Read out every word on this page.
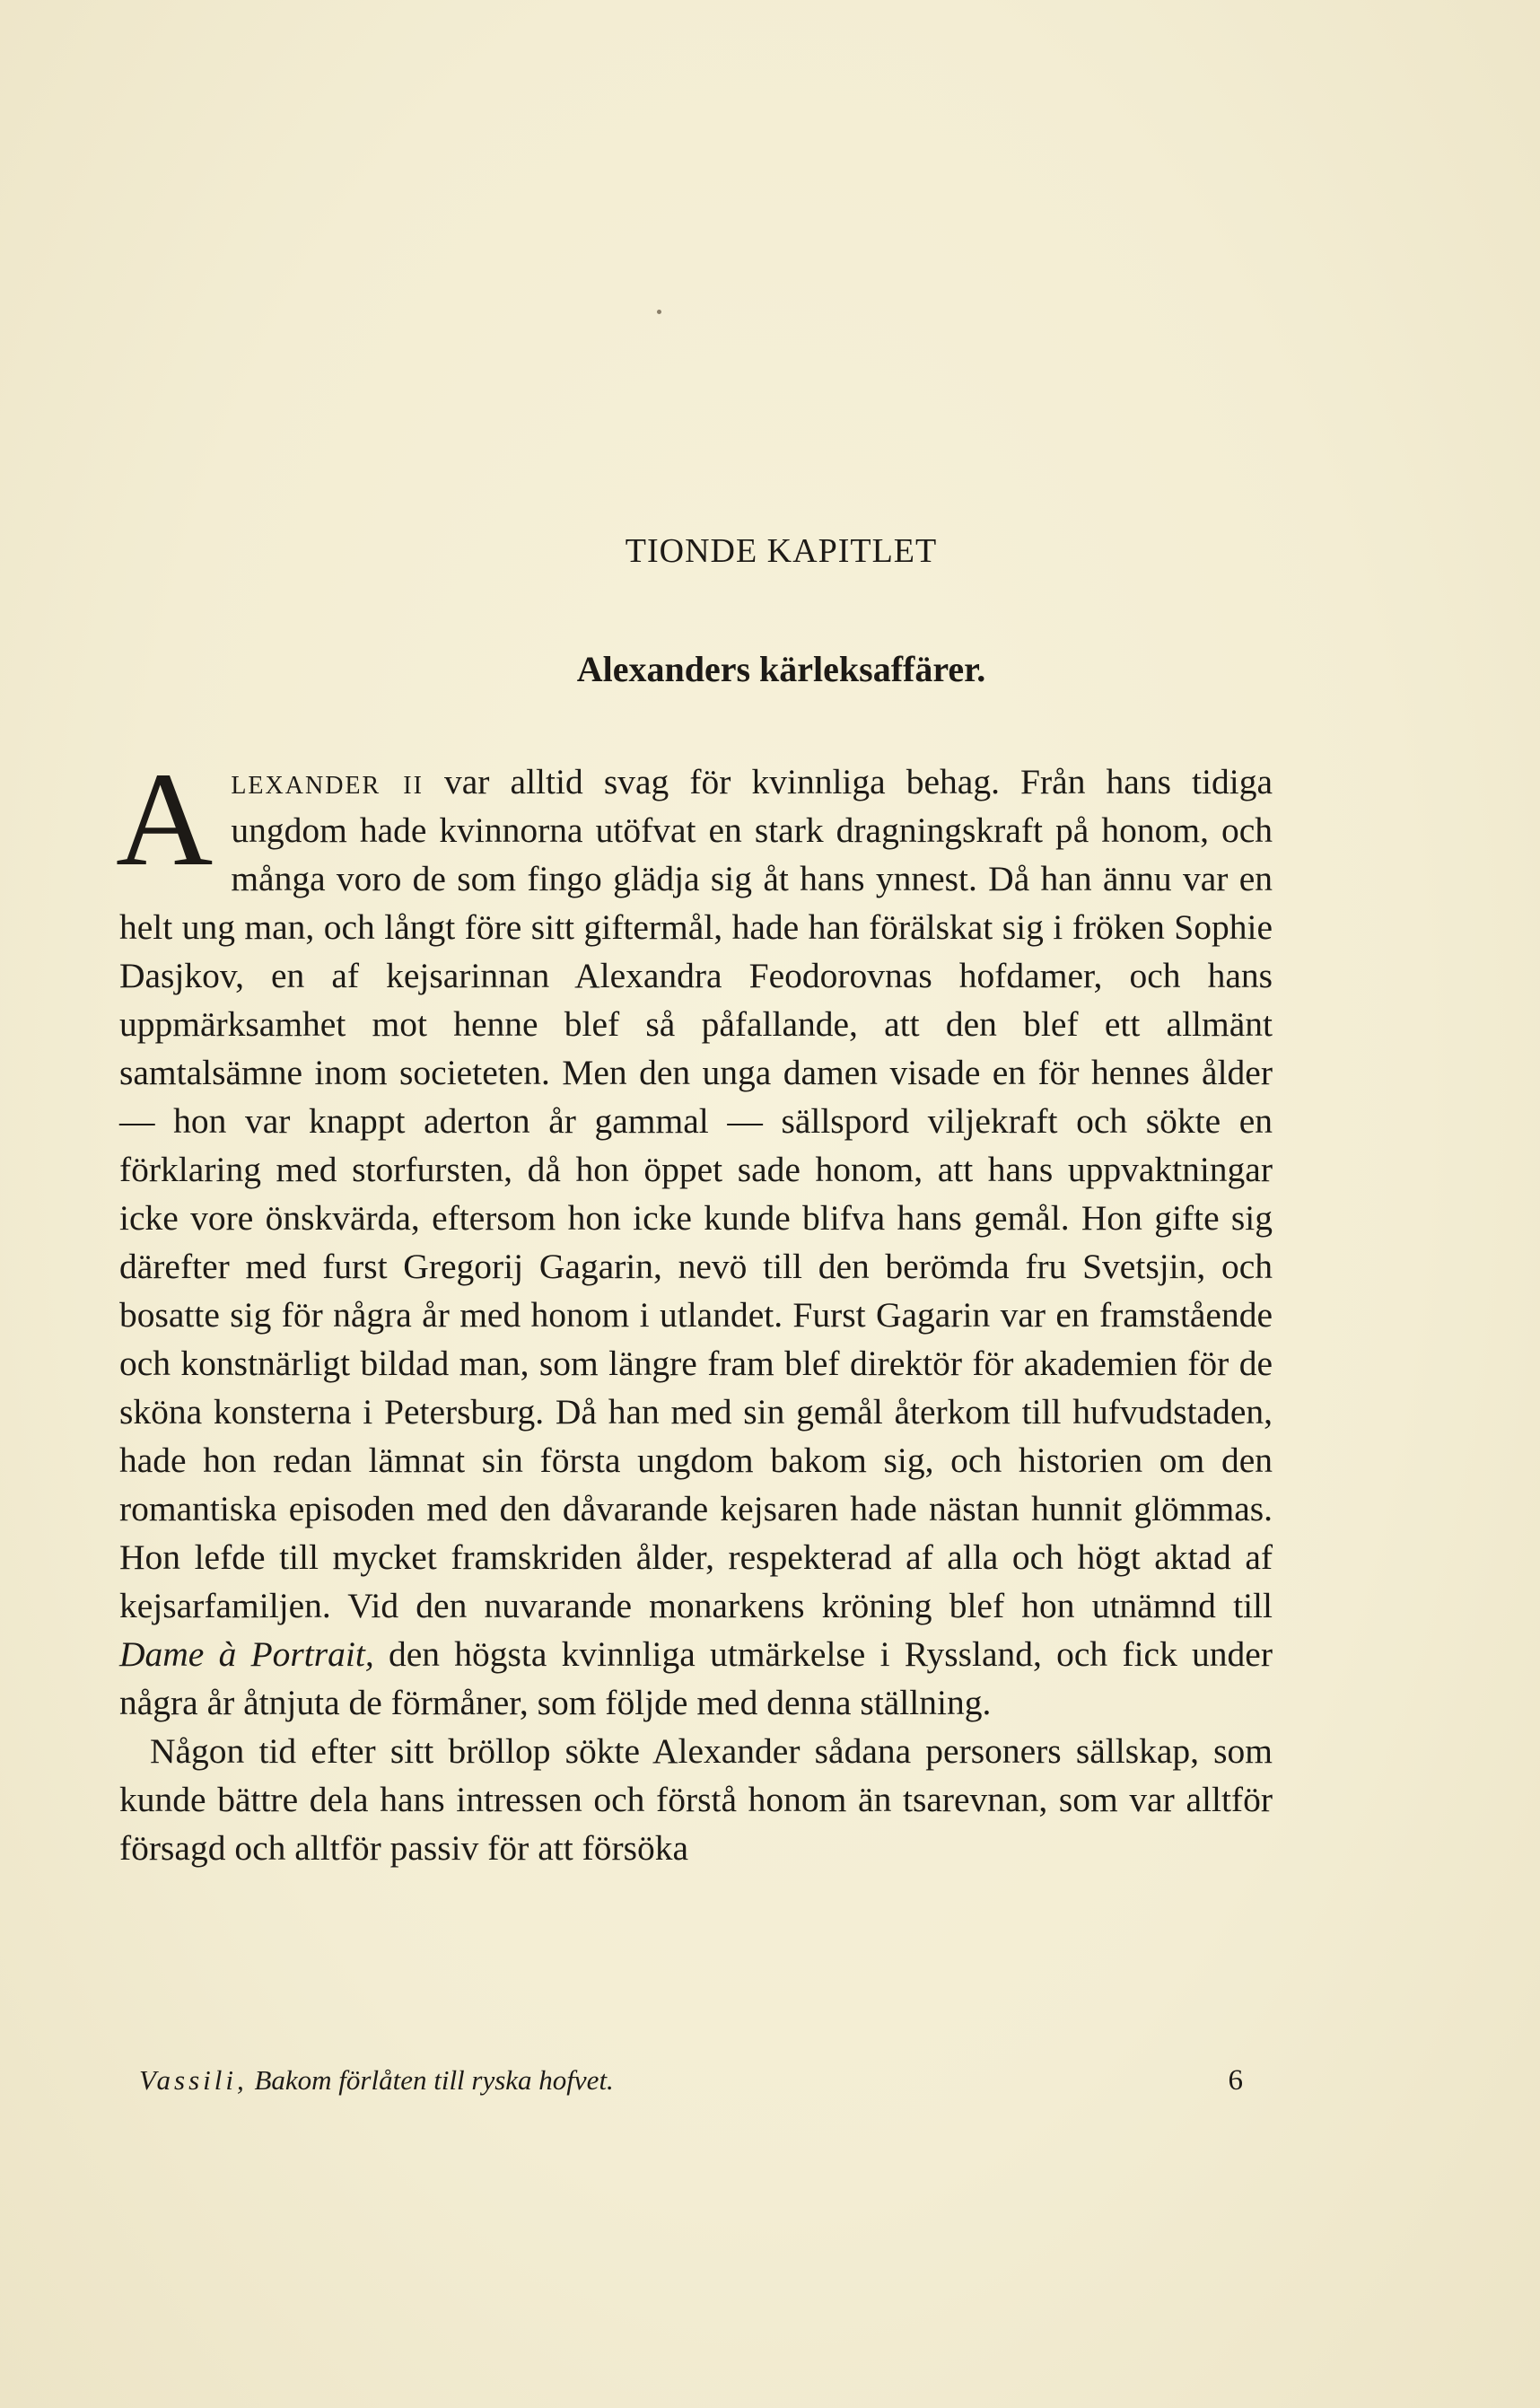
TIONDE KAPITLET
Alexanders kärleksaffärer.

Alexander ii var alltid svag för kvinnliga behag. Från hans tidiga ungdom hade kvinnorna utöfvat en stark dragningskraft på honom, och många voro de som fingo glädja sig åt hans ynnest. Då han ännu var en helt ung man, och långt före sitt giftermål, hade han förälskat sig i fröken Sophie Dasjkov, en af kejsarinnan Alexandra Feodorovnas hofdamer, och hans uppmärksamhet mot henne blef så påfallande, att den blef ett allmänt samtalsämne inom societeten. Men den unga damen visade en för hennes ålder — hon var knappt aderton år gammal — sällspord viljekraft och sökte en förklaring med storfursten, då hon öppet sade honom, att hans uppvaktningar icke vore önskvärda, eftersom hon icke kunde blifva hans gemål. Hon gifte sig därefter med furst Gregorij Gagarin, nevö till den berömda fru Svetsjin, och bosatte sig för några år med honom i utlandet. Furst Gagarin var en framstående och konstnärligt bildad man, som längre fram blef direktör för akademien för de sköna konsterna i Petersburg. Då han med sin gemål återkom till hufvudstaden, hade hon redan lämnat sin första ungdom bakom sig, och historien om den romantiska episoden med den dåvarande kejsaren hade nästan hunnit glömmas. Hon lefde till mycket framskriden ålder, respekterad af alla och högt aktad af kejsarfamiljen. Vid den nuvarande monarkens kröning blef hon utnämnd till Dame à Portrait, den högsta kvinnliga utmärkelse i Ryssland, och fick under några år åtnjuta de förmåner, som följde med denna ställning.

Någon tid efter sitt bröllop sökte Alexander sådana personers sällskap, som kunde bättre dela hans intressen och förstå honom än tsarevnan, som var alltför försagd och alltför passiv för att försöka

Vassili, Bakom förlåten till ryska hofvet.	6
